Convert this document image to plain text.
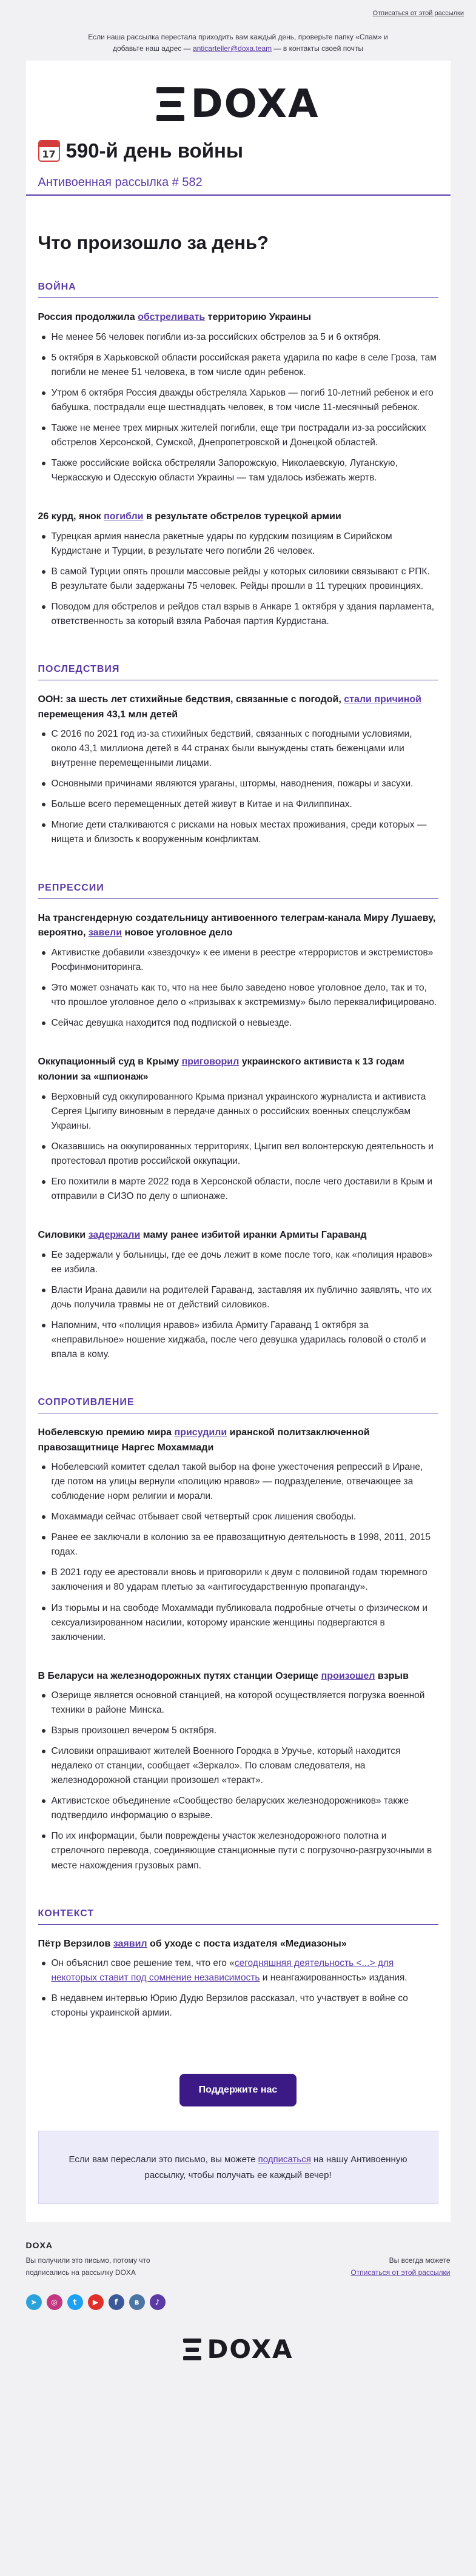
Отписаться от этой рассылки
Если наша рассылка перестала приходить вам каждый день, проверьте папку «Спам» и
добавьте наш адрес — antiсarteller@doxa.team — в контакты своей почты
DOXA
17 590-й день войны
Антивоенная рассылка # 582
Что произошло за день?
ВОЙНА
Россия продолжила обстреливать территорию Украины
Не менее 56 человек погибли из-за российских обстрелов за 5 и 6 октября.
5 октября в Харьковской области российская ракета ударила по кафе в селе Грoза, там погибли не менее 51 человека, в том числе один ребенок.
Утром 6 октября Россия дважды обстреляла Харьков — погиб 10-летний ребенок и его бабушка, пострадали еще шестнадцать человек, в том числе 11-месячный ребенок.
Также не менее трех мирных жителей погибли, еще три пострадали из-за российских обстрелов Херсонской, Сумской, Днепропетровской и Донецкой областей.
Также российские войска обстреляли Запорожскую, Николаевскую, Луганскую, Черкасскую и Одесскую области Украины — там удалось избежать жертв.
26 курд, янок погибли в результате обстрелов турецкой армии
Турецкая армия нанесла ракетные удары по курдским позициям в Сирийском Курдистане и Турции, в результате чего погибли 26 человек.
В самой Турции опять прошли массовые рейды у кoторых силовики связывают с РПК. В результате были задержаны 75 человек. Рейды прошли в 11 турецких провинциях.
Поводом для обстрелов и рейдов стал взрыв в Анкаре 1 октября у здания парламента, ответственность за который взяла Рабочая партия Курдистана.
ПОСЛЕДСТВИЯ
ООН: за шесть лет стихийные бедствия, связанные с погодой, стали причиной перемещения 43,1 млн детей
С 2016 по 2021 год из-за стихийных бедствий, связанных с погодными условиями, около 43,1 миллиона детей в 44 странах были вынуждены стать беженцами или внутренне перемещенными лицами.
Основными причинами являются ураганы, штормы, наводнения, пожары и засухи.
Больше всего перемещенных детей живут в Китае и на Филиппинах.
Многие дети сталкиваются с рисками на новых местах проживания, среди которых — нищета и близость к вооруженным конфликтам.
РЕПРЕССИИ
На трансгендерную создательницу антивоенного телеграм-канала Миру Лушаеву, вероятно, завели новое уголовное дело
Активистке добавили «звездочку» к ее имени в реестре «террористов и экстремистов» Росфинмониторинга.
Это может означать как то, что на нее было заведено новое уголовное дело, так и то, что прошлое уголовное дело о «призывах к экстремизму» было переквалифицировано.
Сейчас девушка находится под подпиской о невыезде.
Оккупационный суд в Крыму приговорил украинского активиста к 13 годам колонии за «шпионаж»
Верховный суд оккупированного Крыма признал украинского журналиста и активиста Сергея Цыгипу виновным в передаче данных о российских военных спецслужбам Украины.
Оказавшись на оккупированных территориях, Цыгип вел волонтерскую деятельность и протестовал против российской оккупации.
Его похитили в марте 2022 года в Херсонской области, после чего доставили в Крым и отправили в СИЗО по делу о шпионаже.
Силовики задержали маму ранее избитой иранки Армиты Гараванд
Ее задержали у больницы, где ее дочь лежит в коме после того, как «полиция нравов» ее избила.
Власти Ирана давили на родителей Гараванд, заставляя их публично заявлять, что их дочь получила травмы не от действий силовиков.
Напомним, что «полиция нравов» избила Армиту Гараванд 1 октября за «неправильное» ношение хиджаба, после чего девушка ударилась головой о столб и впала в кому.
СОПРОТИВЛЕНИЕ
Нобелевскую премию мира присудили иранской политзаключенной правозащитнице Наргес Мохаммади
Нобелевский комитет сделал такой выбор на фоне ужесточения репрессий в Иране, где потом на улицы вернули «полицию нравов» — подразделение, отвечающее за соблюдение норм религии и морали.
Мохаммади сейчас отбывает свой четвертый срок лишения свободы.
Ранее ее заключали в колонию за ее правозащитную деятельность в 1998, 2011, 2015 годах.
В 2021 году ее арестовали вновь и приговорили к двум с половиной годам тюремного заключения и 80 ударам плетью за «антигосударственную пропаганду».
Из тюрьмы и на свободе Мохаммади публиковала подробные отчеты о физическом и сексуализированном насилии, которому иранские женщины подвергаются в заключении.
В Беларуси на железнодорожных путях станции Озерище произошел взрыв
Озерище является основной станцией, на которой осуществляется погрузка военной техники в районе Минска.
Взрыв произошел вечером 5 октября.
Силовики опрашивают жителей Военного Городка в Уручье, который находится недалеко от станции, сообщает «Зеркало». По словам следователя, на железнодорожной станции произошел «теракт».
Активистское объединение «Сообщество беларуских железнодорожников» также подтвердило информацию о взрыве.
По их информации, были повреждены участок железнодорожного полотна и стрелочного перевода, соединяющие станционные пути с погрузочно-разгрузочными в месте нахождения грузовых рамп.
КОНТЕКСТ
Пётр Верзилов заявил об уходе с поста издателя «Медиазоны»
Он объяснил свое решение тем, что его «сегодняшняя деятельность <...> для некоторых ставит под сомнение независимость и неангажированность» издания.
В недавнем интервью Юрию Дудю Верзилов рассказал, что участвует в войне со стороны украинской армии.
Поддержите нас
Если вам переслали это письмо, вы можете подписаться на нашу Антивоенную рассылку, чтобы получать ее каждый вечер!
DOXA
Вы получили это письмо, потому что подписались на рассылку DOXA
Вы всегда можете
Отписаться от этой рассылки
➤	◎	t	▶	f	в	♪
DOXA
